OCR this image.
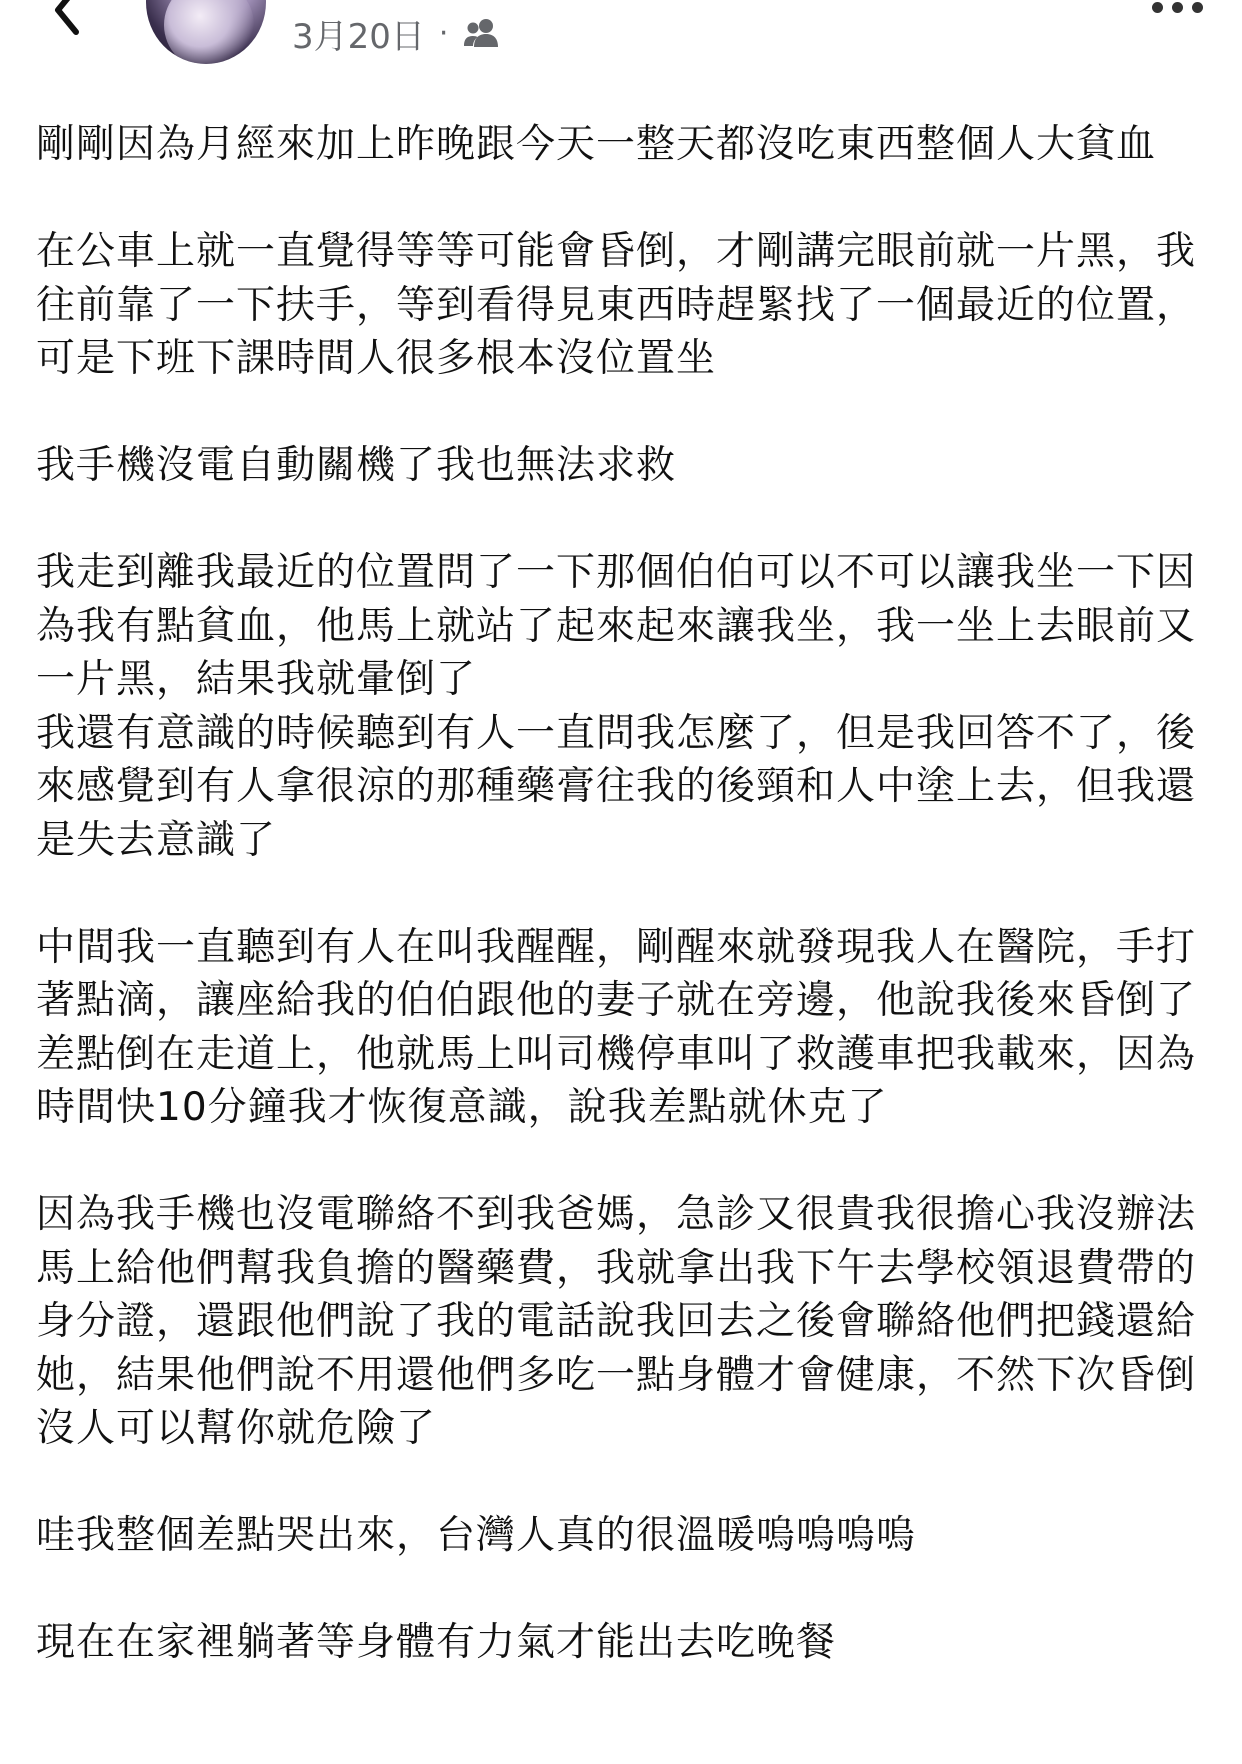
3月20日 ·

剛剛因為月經來加上昨晚跟今天一整天都沒吃東西整個人大貧血

在公車上就一直覺得等等可能會昏倒，才剛講完眼前就一片黑，我往前靠了一下扶手，等到看得見東西時趕緊找了一個最近的位置，可是下班下課時間人很多根本沒位置坐

我手機沒電自動關機了我也無法求救

我走到離我最近的位置問了一下那個伯伯可以不可以讓我坐一下因為我有點貧血，他馬上就站了起來起來讓我坐，我一坐上去眼前又一片黑，結果我就暈倒了

我還有意識的時候聽到有人一直問我怎麼了，但是我回答不了，後來感覺到有人拿很涼的那種藥膏往我的後頸和人中塗上去，但我還是失去意識了

中間我一直聽到有人在叫我醒醒，剛醒來就發現我人在醫院，手打著點滴，讓座給我的伯伯跟他的妻子就在旁邊，他說我後來昏倒了差點倒在走道上，他就馬上叫司機停車叫了救護車把我載來，因為時間快10分鐘我才恢復意識，說我差點就休克了

因為我手機也沒電聯絡不到我爸媽，急診又很貴我很擔心我沒辦法馬上給他們幫我負擔的醫藥費，我就拿出我下午去學校領退費帶的身分證，還跟他們說了我的電話說我回去之後會聯絡他們把錢還給她，結果他們說不用還他們多吃一點身體才會健康，不然下次昏倒沒人可以幫你就危險了

哇我整個差點哭出來，台灣人真的很溫暖嗚嗚嗚嗚

現在在家裡躺著等身體有力氣才能出去吃晚餐
